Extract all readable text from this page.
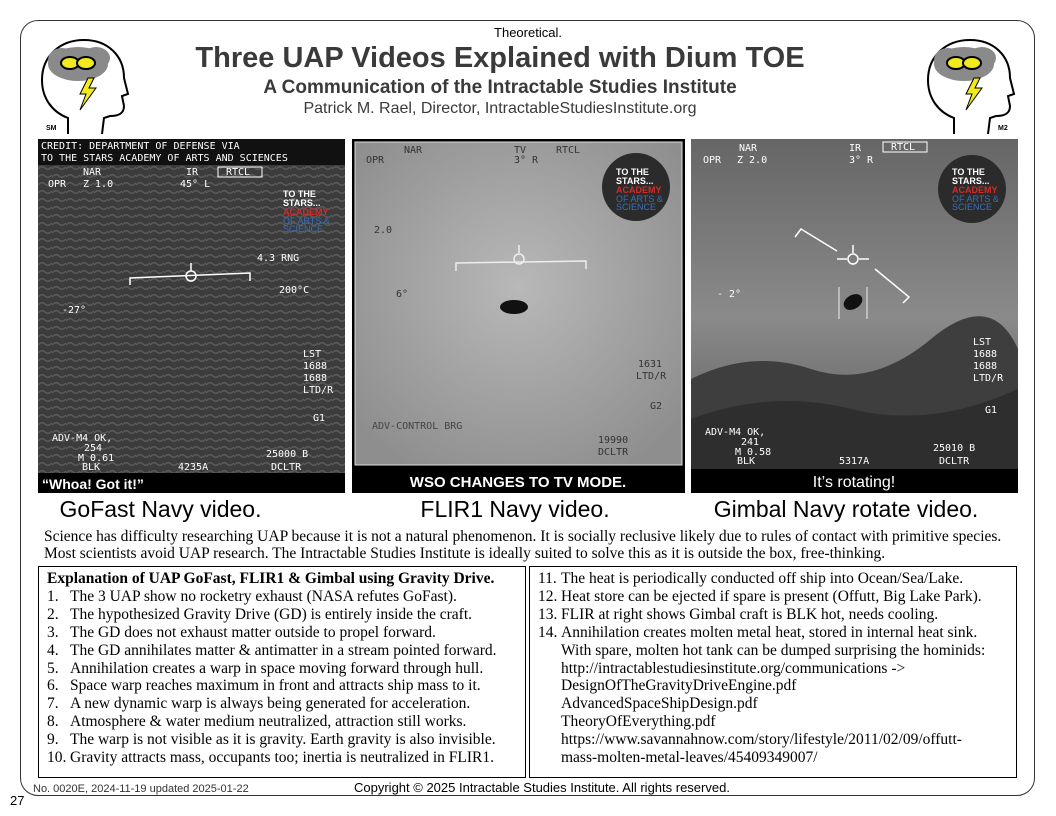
Theoretical.
Three UAP Videos Explained with Dium TOE
A Communication of the Intractable Studies Institute
Patrick M. Rael, Director, IntractableStudiesInstitute.org
SM	M2
CREDIT: DEPARTMENT OF DEFENSE VIA
TO THE STARS ACADEMY OF ARTS AND SCIENCES
NAR	IR	RTCL
OPR Z 1.0	45° L
TO THE
STARS...
ACADEMY
OF ARTS &
SCIENCE
4.3 RNG
200°C
-27°
LST
1688
1688
LTD/R
G1
ADV-M4 OK,
254
M 0.61
BLK	4235A
25000 B
DCLTR
“Whoa! Got it!”
OPR
NAR	TV	RTCL
3° R
2.0
6°
TO THE
STARS...
ACADEMY
OF ARTS &
SCIENCE
1631
LTD/R
G2
ADV-CONTROL BRG
19990
DCLTR
WSO CHANGES TO TV MODE.
NAR	IR	RTCL
OPR Z 2.0	3° R
TO THE
STARS...
ACADEMY
OF ARTS &
SCIENCE
- 2°
LST
1688
1688
LTD/R
G1
ADV-M4 OK,
241
M 0.58
BLK	5317A
25010 B
DCLTR
It’s rotating!
GoFast Navy video.	FLIR1 Navy video.	Gimbal Navy rotate video.
Science has difficulty researching UAP because it is not a natural phenomenon. It is socially reclusive likely due to rules of contact with primitive species. Most scientists avoid UAP research. The Intractable Studies Institute is ideally suited to solve this as it is outside the box, free-thinking.
Explanation of UAP GoFast, FLIR1 & Gimbal using Gravity Drive.
1. The 3 UAP show no rocketry exhaust (NASA refutes GoFast).
2. The hypothesized Gravity Drive (GD) is entirely inside the craft.
3. The GD does not exhaust matter outside to propel forward.
4. The GD annihilates matter & antimatter in a stream pointed forward.
5. Annihilation creates a warp in space moving forward through hull.
6. Space warp reaches maximum in front and attracts ship mass to it.
7. A new dynamic warp is always being generated for acceleration.
8. Atmosphere & water medium neutralized, attraction still works.
9. The warp is not visible as it is gravity. Earth gravity is also invisible.
10. Gravity attracts mass, occupants too; inertia is neutralized in FLIR1.
11. The heat is periodically conducted off ship into Ocean/Sea/Lake.
12. Heat store can be ejected if spare is present (Offutt, Big Lake Park).
13. FLIR at right shows Gimbal craft is BLK hot, needs cooling.
14. Annihilation creates molten metal heat, stored in internal heat sink.
With spare, molten hot tank can be dumped surprising the hominids:
http://intractablestudiesinstitute.org/communications ->
DesignOfTheGravityDriveEngine.pdf
AdvancedSpaceShipDesign.pdf
TheoryOfEverything.pdf
https://www.savannahnow.com/story/lifestyle/2011/02/09/offutt-
mass-molten-metal-leaves/45409349007/
No. 0020E, 2024-11-19 updated 2025-01-22	Copyright © 2025 Intractable Studies Institute. All rights reserved.
27
